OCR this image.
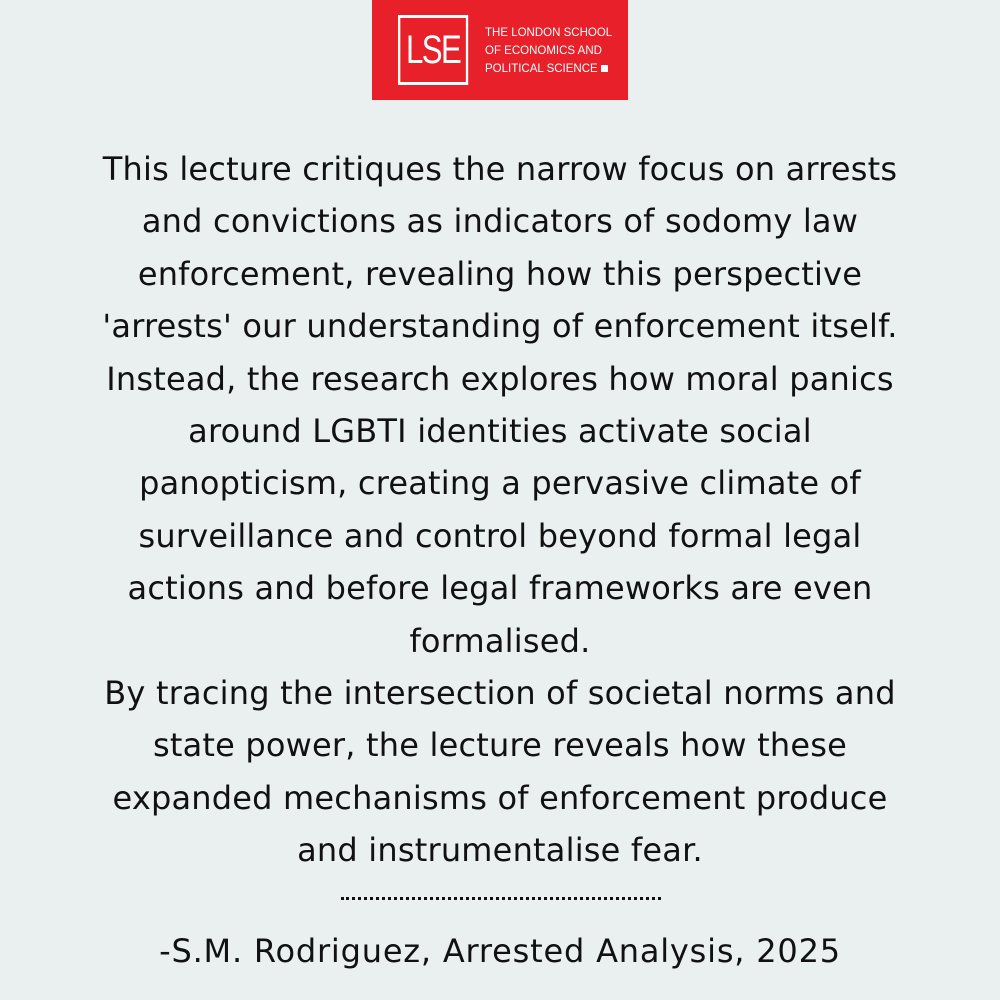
LSE	THE LONDON SCHOOL
OF ECONOMICS AND
POLITICAL SCIENCE
This lecture critiques the narrow focus on arrests
and convictions as indicators of sodomy law
enforcement, revealing how this perspective
'arrests' our understanding of enforcement itself.
Instead, the research explores how moral panics
around LGBTI identities activate social
panopticism, creating a pervasive climate of
surveillance and control beyond formal legal
actions and before legal frameworks are even
formalised.
By tracing the intersection of societal norms and
state power, the lecture reveals how these
expanded mechanisms of enforcement produce
and instrumentalise fear.
-S.M. Rodriguez, Arrested Analysis, 2025
